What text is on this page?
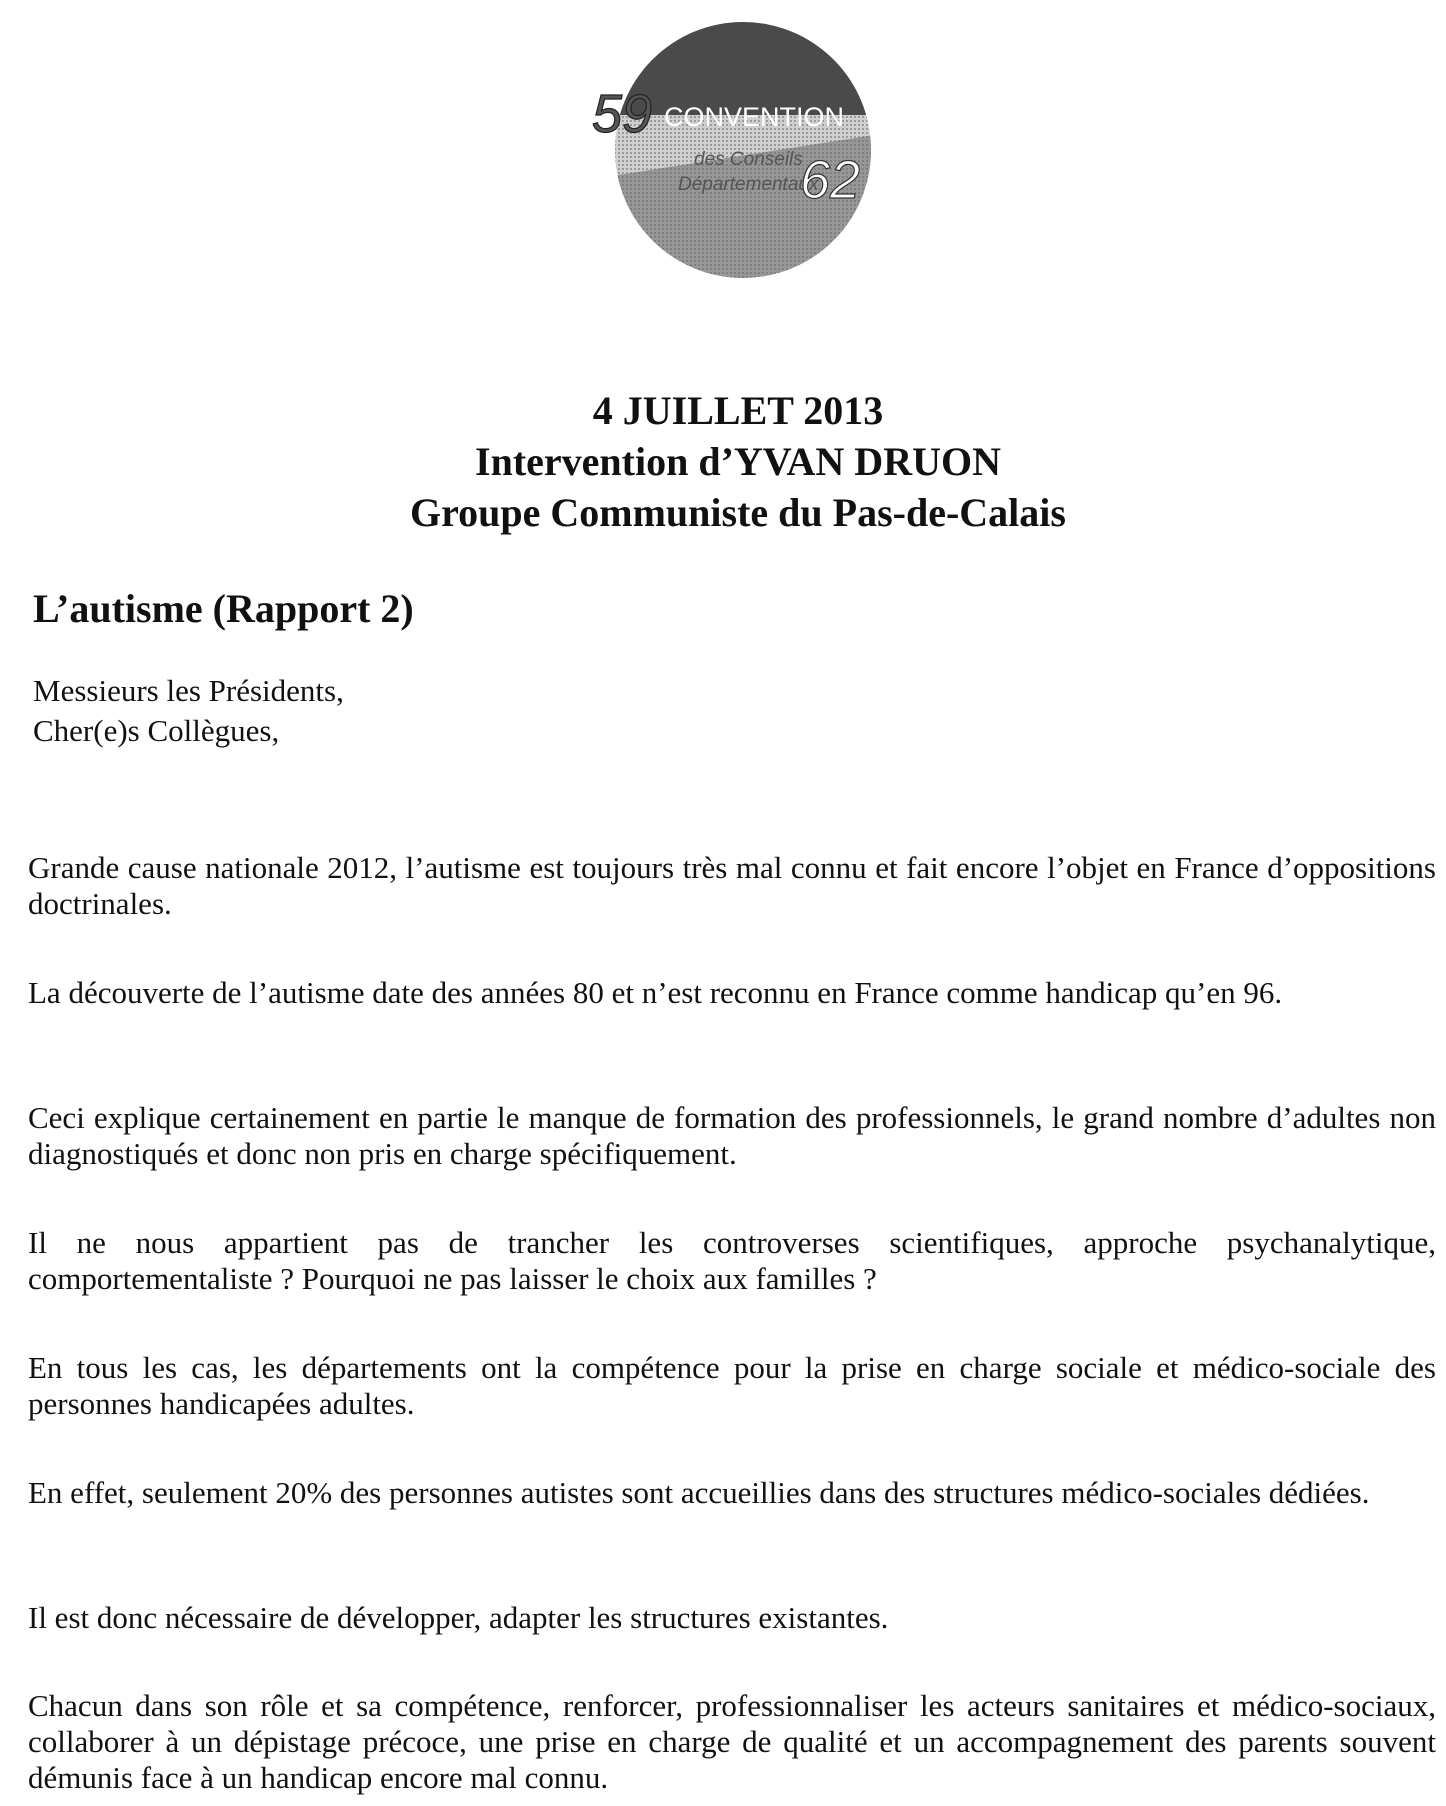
59 CONVENTION
des Conseils
Départementaux
62
4 JUILLET 2013
Intervention d’YVAN DRUON
Groupe Communiste du Pas-de-Calais
L’autisme (Rapport 2)
Messieurs les Présidents,
Cher(e)s Collègues,
Grande cause nationale 2012, l’autisme est toujours très mal connu et fait encore l’objet en France d’oppositions doctrinales.
La découverte de l’autisme date des années 80 et n’est reconnu en France comme handicap qu’en 96.
Ceci explique certainement en partie le manque de formation des professionnels, le grand nombre d’adultes non diagnostiqués et donc non pris en charge spécifiquement.
Il ne nous appartient pas de trancher les controverses scientifiques, approche psychanalytique, comportementaliste ? Pourquoi ne pas laisser le choix aux familles ?
En tous les cas, les départements ont la compétence pour la prise en charge sociale et médico-sociale des personnes handicapées adultes.
En effet, seulement 20% des personnes autistes sont accueillies dans des structures médico-sociales dédiées.
Il est donc nécessaire de développer, adapter les structures existantes.
Chacun dans son rôle et sa compétence, renforcer, professionnaliser les acteurs sanitaires et médico-sociaux, collaborer à un dépistage précoce, une prise en charge de qualité et un accompagnement des parents souvent démunis face à un handicap encore mal connu.
